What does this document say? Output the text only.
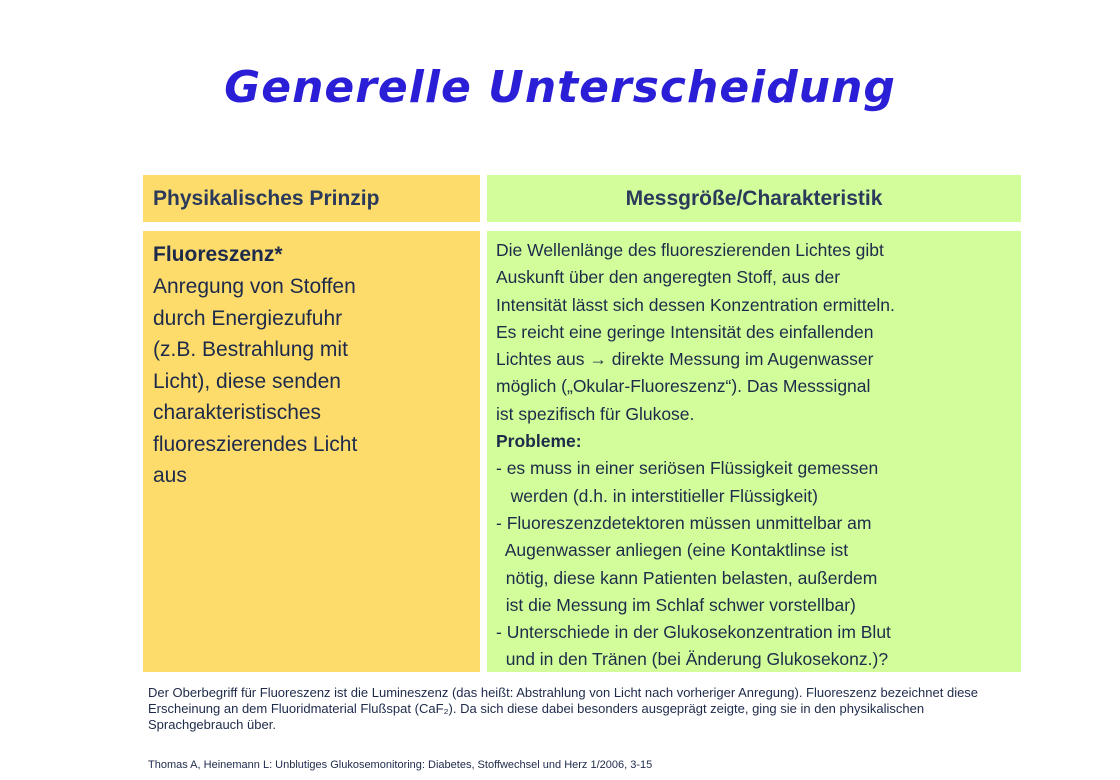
Generelle Unterscheidung
Physikalisches Prinzip	Messgröße/Charakteristik
Fluoreszenz*
Anregung von Stoffen
durch Energiezufuhr
(z.B. Bestrahlung mit
Licht), diese senden
charakteristisches
fluoreszierendes Licht
aus
Die Wellenlänge des fluoreszierenden Lichtes gibt
Auskunft über den angeregten Stoff, aus der
Intensität lässt sich dessen Konzentration ermitteln.
Es reicht eine geringe Intensität des einfallenden
Lichtes aus → direkte Messung im Augenwasser
möglich („Okular-Fluoreszenz“). Das Messsignal
ist spezifisch für Glukose.
Probleme:
- es muss in einer seriösen Flüssigkeit gemessen
werden (d.h. in interstitieller Flüssigkeit)
- Fluoreszenzdetektoren müssen unmittelbar am
Augenwasser anliegen (eine Kontaktlinse ist
nötig, diese kann Patienten belasten, außerdem
ist die Messung im Schlaf schwer vorstellbar)
- Unterschiede in der Glukosekonzentration im Blut
und in den Tränen (bei Änderung Glukosekonz.)?
Der Oberbegriff für Fluoreszenz ist die Lumineszenz (das heißt: Abstrahlung von Licht nach vorheriger Anregung). Fluoreszenz bezeichnet diese Erscheinung an dem Fluoridmaterial Flußspat (CaF₂). Da sich diese dabei besonders ausgeprägt zeigte, ging sie in den physikalischen Sprachgebrauch über.
Thomas A, Heinemann L: Unblutiges Glukosemonitoring: Diabetes, Stoffwechsel und Herz 1/2006, 3-15
